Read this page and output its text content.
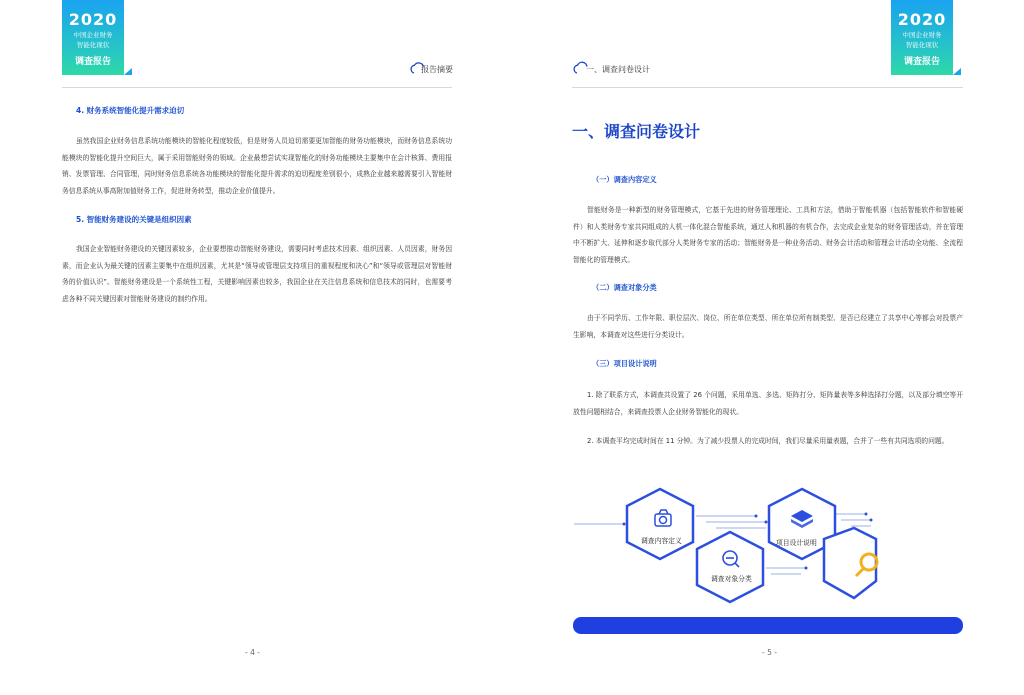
2020
中国企业财务
智能化现状
调查报告
报告摘要
4. 财务系统智能化提升需求迫切
虽然我国企业财务信息系统功能模块的智能化程度较低，但是财务人员迫切需要更加智能的财务功能模块，而财务信息系统功能模块的智能化提升空间巨大，属于采用智能财务的领域。企业最想尝试实现智能化的财务功能模块主要集中在会计核算、费用报销、发票管理、合同管理，同时财务信息系统各功能模块的智能化提升需求的迫切程度差别很小，成熟企业越来越需要引入智能财务信息系统从事高附加值财务工作，促进财务转型，推动企业价值提升。
5. 智能财务建设的关键是组织因素
我国企业智能财务建设的关键因素较多，企业要想推动智能财务建设，需要同时考虑技术因素、组织因素、人员因素，财务因素，而企业认为最关键的因素主要集中在组织因素，尤其是“领导或管理层支持项目的重视程度和决心”和“领导或管理层对智能财务的价值认识”。智能财务建设是一个系统性工程，关键影响因素也较多，我国企业在关注信息系统和信息技术的同时，也需要考虑各种不同关键因素对智能财务建设的制约作用。
- 4 -
2020
中国企业财务
智能化现状
调查报告
一、调查问卷设计
一、调查问卷设计
（一）调查内容定义
智能财务是一种新型的财务管理模式，它基于先进的财务管理理论、工具和方法，借助于智能机器（包括智能软件和智能硬件）和人类财务专家共同组成的人机一体化混合智能系统，通过人和机器的有机合作，去完成企业复杂的财务管理活动，并在管理中不断扩大、延伸和逐步取代部分人类财务专家的活动；智能财务是一种业务活动、财务会计活动和管理会计活动全功能、全流程智能化的管理模式。
（二）调查对象分类
由于不同学历、工作年限、职位层次、岗位、所在单位类型、所在单位所有制类型、是否已经建立了共享中心等都会对投票产生影响，本调查对这些进行分类设计。
（三）项目设计说明
1. 除了联系方式，本调查共设置了 26 个问题，采用单选、多选、矩阵打分、矩阵量表等多种选择打分题，以及部分填空等开放性问题相结合，来调查投票人企业财务智能化的现状。
2. 本调查平均完成时间在 11 分钟。为了减少投票人的完成时间，我们尽量采用量表题，合并了一些有共同选项的问题。
调查内容定义
调查对象分类
项目设计说明
- 5 -
